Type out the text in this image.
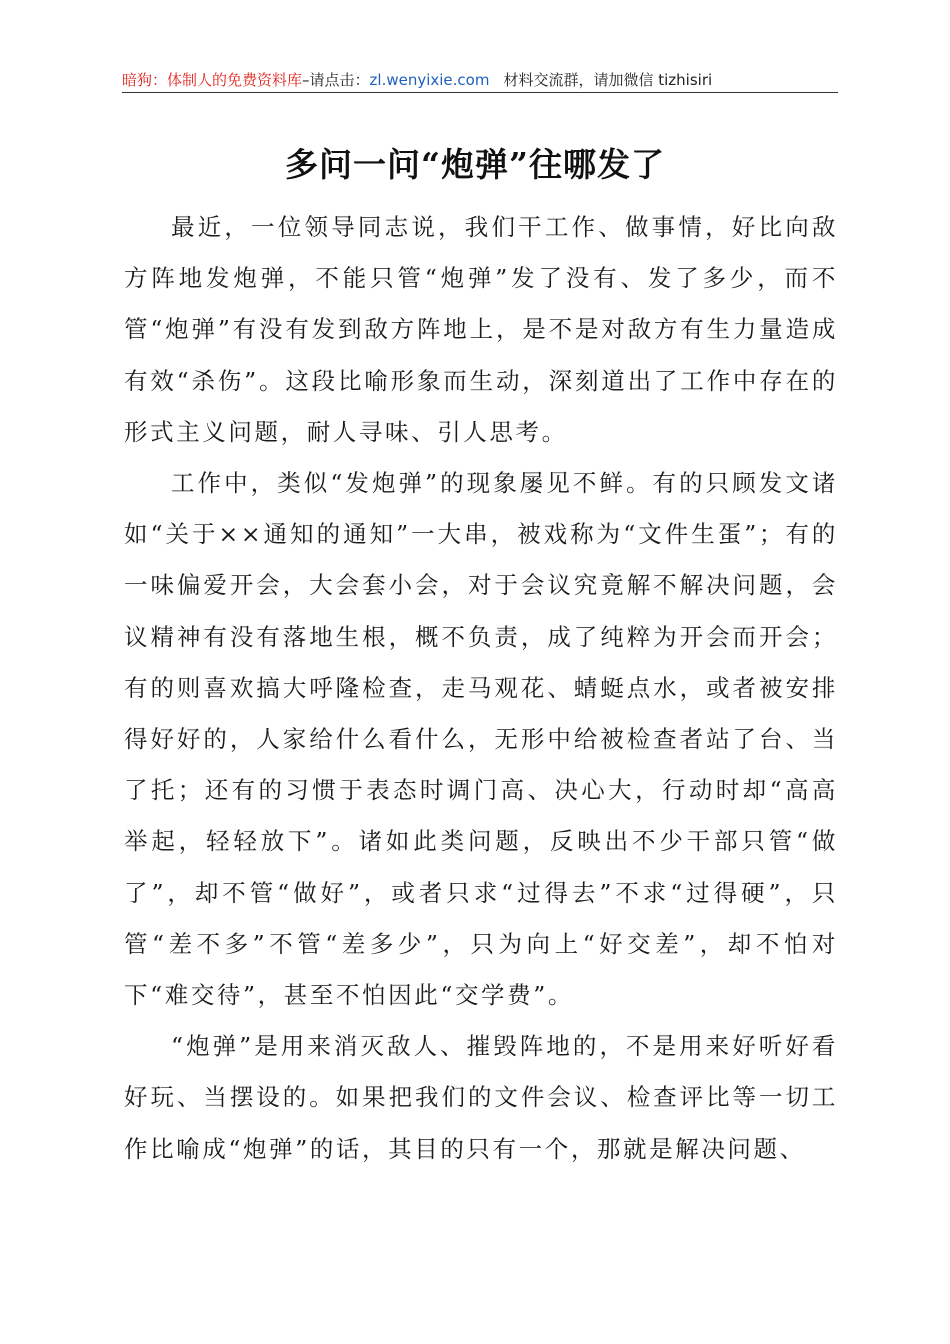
暗狗：体制人的免费资料库–请点击：zl.wenyixie.com 材料交流群，请加微信 tizhisiri
多问一问“炮弹”往哪发了

最近，一位领导同志说，我们干工作、做事情，好比向敌方阵地发炮弹，不能只管“炮弹”发了没有、发了多少，而不管“炮弹”有没有发到敌方阵地上，是不是对敌方有生力量造成有效“杀伤”。这段比喻形象而生动，深刻道出了工作中存在的形式主义问题，耐人寻味、引人思考。

工作中，类似“发炮弹”的现象屡见不鲜。有的只顾发文诸如“关于××通知的通知”一大串，被戏称为“文件生蛋”；有的一味偏爱开会，大会套小会，对于会议究竟解不解决问题，会议精神有没有落地生根，概不负责，成了纯粹为开会而开会；有的则喜欢搞大呼隆检查，走马观花、蜻蜓点水，或者被安排得好好的，人家给什么看什么，无形中给被检查者站了台、当了托；还有的习惯于表态时调门高、决心大，行动时却“高高举起，轻轻放下”。诸如此类问题，反映出不少干部只管“做了”，却不管“做好”，或者只求“过得去”不求“过得硬”，只管“差不多”不管“差多少”，只为向上“好交差”，却不怕对下“难交待”，甚至不怕因此“交学费”。

“炮弹”是用来消灭敌人、摧毁阵地的，不是用来好听好看好玩、当摆设的。如果把我们的文件会议、检查评比等一切工作比喻成“炮弹”的话，其目的只有一个，那就是解决问题、
